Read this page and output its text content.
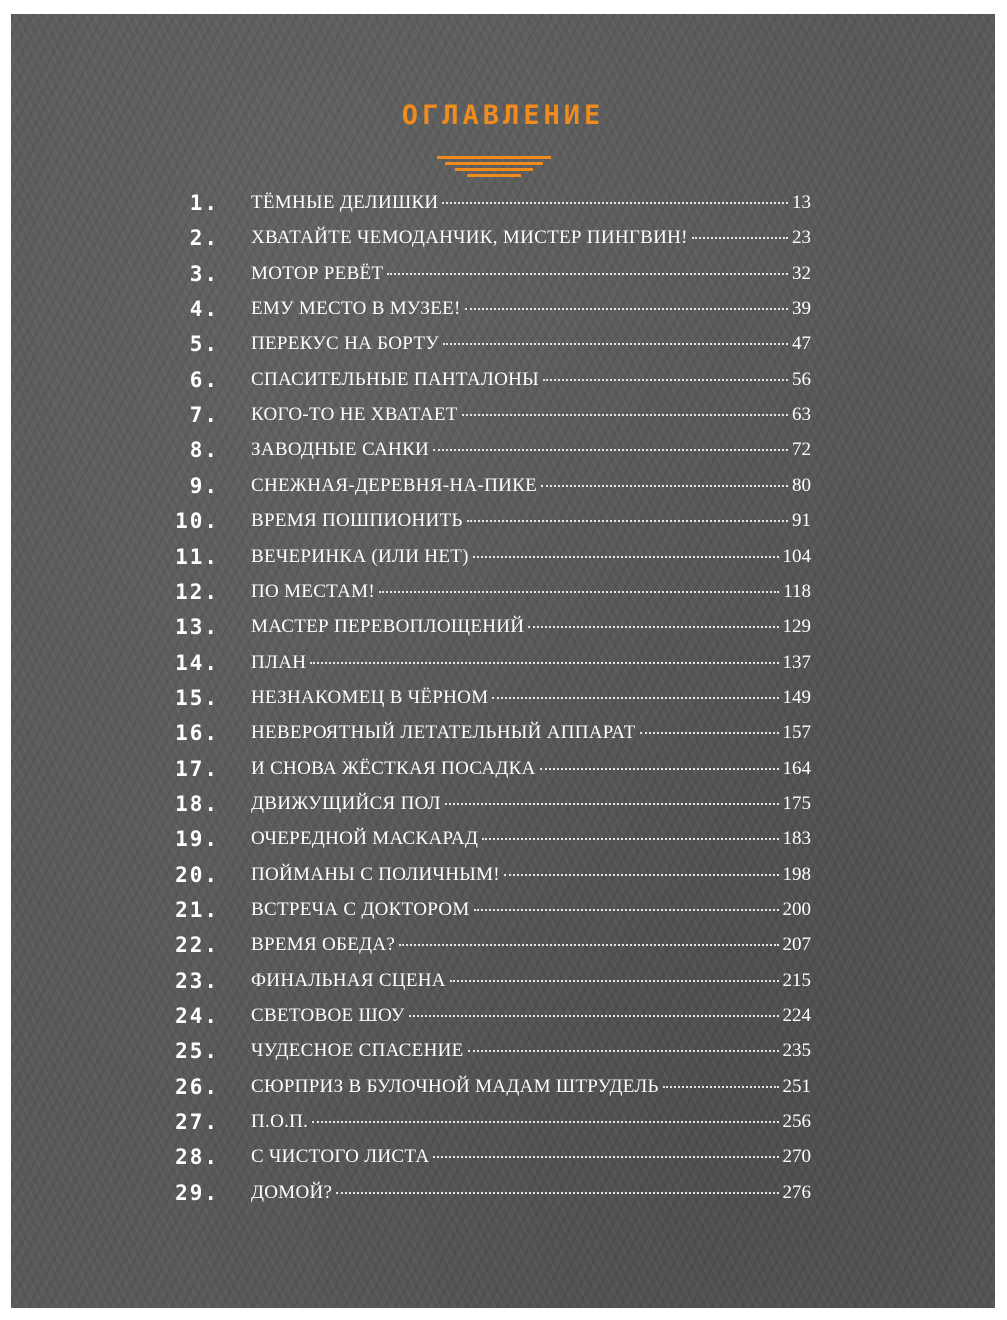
ОГЛАВЛЕНИЕ
1. ТЁМНЫЕ ДЕЛИШКИ	13
2. ХВАТАЙТЕ ЧЕМОДАНЧИК, МИСТЕР ПИНГВИН!	23
3. МОТОР РЕВЁТ	32
4. ЕМУ МЕСТО В МУЗЕЕ!	39
5. ПЕРЕКУС НА БОРТУ	47
6. СПАСИТЕЛЬНЫЕ ПАНТАЛОНЫ	56
7. КОГО-ТО НЕ ХВАТАЕТ	63
8. ЗАВОДНЫЕ САНКИ	72
9. СНЕЖНАЯ-ДЕРЕВНЯ-НА-ПИКЕ	80
10. ВРЕМЯ ПОШПИОНИТЬ	91
11. ВЕЧЕРИНКА (ИЛИ НЕТ)	104
12. ПО МЕСТАМ!	118
13. МАСТЕР ПЕРЕВОПЛОЩЕНИЙ	129
14. ПЛАН	137
15. НЕЗНАКОМЕЦ В ЧЁРНОМ	149
16. НЕВЕРОЯТНЫЙ ЛЕТАТЕЛЬНЫЙ АППАРАТ	157
17. И СНОВА ЖЁСТКАЯ ПОСАДКА	164
18. ДВИЖУЩИЙСЯ ПОЛ	175
19. ОЧЕРЕДНОЙ МАСКАРАД	183
20. ПОЙМАНЫ С ПОЛИЧНЫМ!	198
21. ВСТРЕЧА С ДОКТОРОМ	200
22. ВРЕМЯ ОБЕДА?	207
23. ФИНАЛЬНАЯ СЦЕНА	215
24. СВЕТОВОЕ ШОУ	224
25. ЧУДЕСНОЕ СПАСЕНИЕ	235
26. СЮРПРИЗ В БУЛОЧНОЙ МАДАМ ШТРУДЕЛЬ	251
27. П.О.П.	256
28. С ЧИСТОГО ЛИСТА	270
29. ДОМОЙ?	276
